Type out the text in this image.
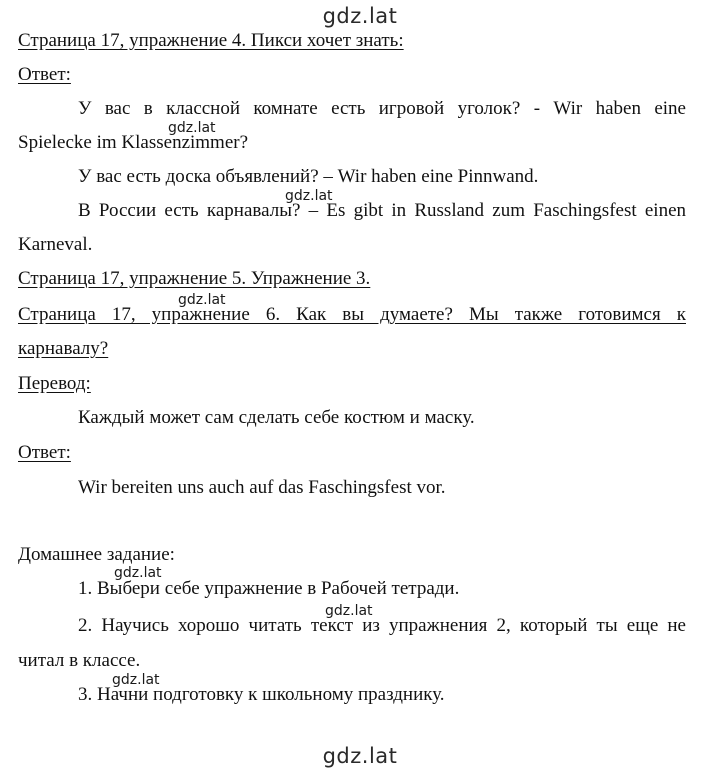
gdz.lat
Страница 17, упражнение 4. Пикси хочет знать:
Ответ:
У вас в классной комнате есть игровой уголок? - Wir haben eine
gdz.lat
Spielecke im Klassenzimmer?
У вас есть доска объявлений? – Wir haben eine Pinnwand.
gdz.lat
В России есть карнавалы? – Es gibt in Russland zum Faschingsfest einen
Karneval.
Страница 17, упражнение 5. Упражнение 3.
gdz.lat
Страница 17, упражнение 6. Как вы думаете? Мы также готовимся к
карнавалу?
Перевод:
Каждый может сам сделать себе костюм и маску.
Ответ:
Wir bereiten uns auch auf das Faschingsfest vor.
Домашнее задание:
gdz.lat
1. Выбери себе упражнение в Рабочей тетради.
gdz.lat
2. Научись хорошо читать текст из упражнения 2, который ты еще не
читал в классе.
gdz.lat
3. Начни подготовку к школьному празднику.
gdz.lat
